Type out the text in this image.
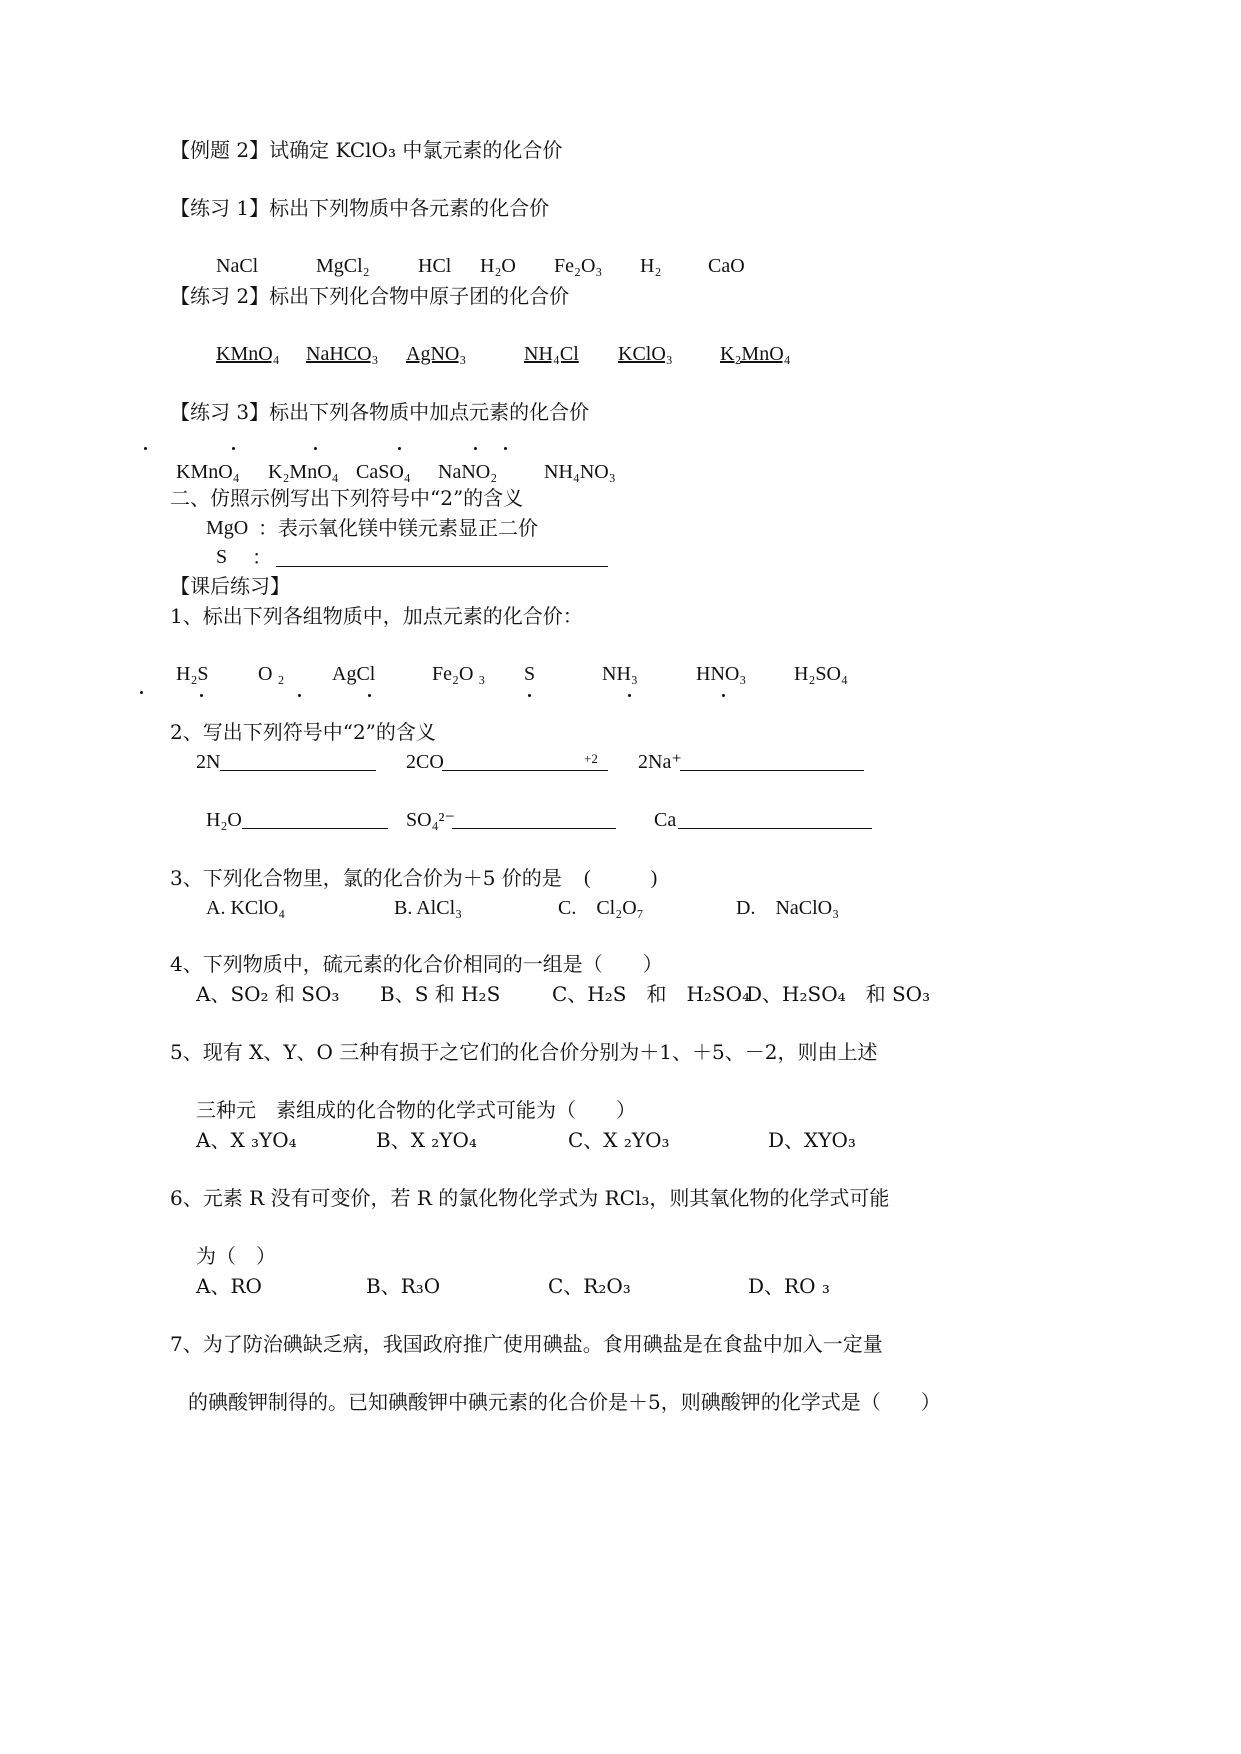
【例题 2】试确定 KClO₃ 中氯元素的化合价
【练习 1】标出下列物质中各元素的化合价
NaCl	MgCl₂ HCl H₂O Fe₂O₃ H₂ CaO
【练习 2】标出下列化合物中原子团的化合价
KMnO₄ NaHCO₃ AgNO₃	NH₄Cl KClO₃ K₂MnO₄
【练习 3】标出下列各物质中加点元素的化合价
KMnO₄ K₂MnO₄ CaSO₄ NaNO₂ NH₄NO₃
二、仿照示例写出下列符号中“2”的含义
MgO ：表示氧化镁中镁元素显正二价
S ：
【课后练习】
1、标出下列各组物质中，加点元素的化合价：
H₂S O ₂ AgCl	Fe₂O ₃ S	NH₃	HNO₃ H₂SO₄
2、写出下列符号中“2”的含义
2N	2CO	+2 2Na⁺
H₂O	SO₄²⁻	Ca
3、下列化合物里，氯的化合价为＋5 价的是 (　　　)
A. KClO₄	B. AlCl₃	C.　Cl₂O₇	D.　NaClO₃
4、下列物质中，硫元素的化合价相同的一组是（　　）
A、SO₂ 和 SO₃ B、S 和 H₂S	C、H₂S　和　H₂SO₄
D、H₂SO₄　和 SO₃
5、现有 X、Y、O 三种有损于之它们的化合价分别为＋1、＋5、－2，则由上述
三种元　素组成的化合物的化学式可能为（　　）
A、X ₃YO₄	B、X ₂YO₄	C、X ₂YO₃	D、XYO₃
6、元素 R 没有可变价，若 R 的氯化物化学式为 RCl₃，则其氧化物的化学式可能
为（　）
A、RO	B、R₃O	C、R₂O₃	D、RO ₃
7、为了防治碘缺乏病，我国政府推广使用碘盐。食用碘盐是在食盐中加入一定量
的碘酸钾制得的。已知碘酸钾中碘元素的化合价是＋5，则碘酸钾的化学式是（　　）
